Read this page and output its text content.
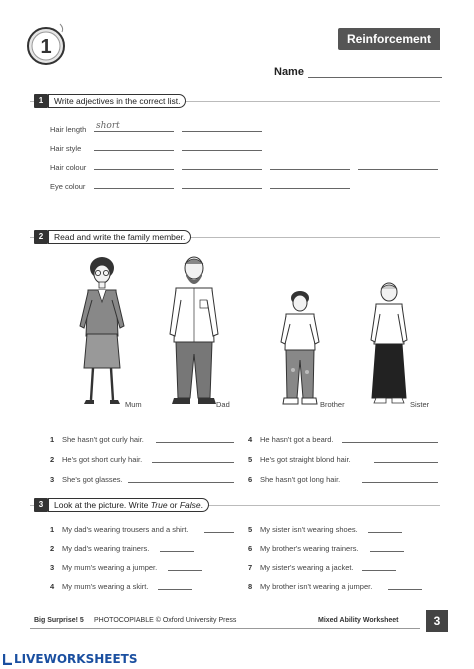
1	Reinforcement
Name
1	Write adjectives in the correct list.
Hair length short
Hair style
Hair colour
Eye colour
2	Read and write the family member.
Mum	Dad	Brother	Sister
1 She hasn't got curly hair.
2 He's got short curly hair.
3 She's got glasses.
4 He hasn't got a beard.
5 He's got straight blond hair.
6 She hasn't got long hair.
3	Look at the picture. Write True or False.
1 My dad's wearing trousers and a shirt.
2 My dad's wearing trainers.
3 My mum's wearing a jumper.
4 My mum's wearing a skirt.
5 My sister isn't wearing shoes.
6 My brother's wearing trainers.
7 My sister's wearing a jacket.
8 My brother isn't wearing a jumper.
Big Surprise! 5 PHOTOCOPIABLE © Oxford University Press	Mixed Ability Worksheet	3
LIVEWORKSHEETS
